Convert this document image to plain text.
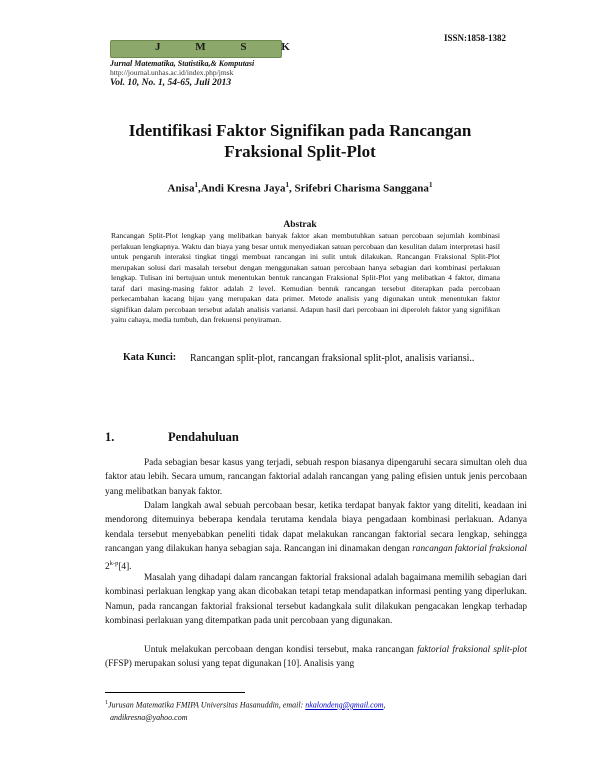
ISSN:1858-1382
J M S K
Jurnal Matematika, Statistika,& Komputasi
http://journal.unhas.ac.id/index.php/jmsk
Vol. 10, No. 1, 54-65, Juli 2013
Identifikasi Faktor Signifikan pada Rancangan
Fraksional Split-Plot
Anisa$^1$,Andi Kresna Jaya$^1$, Srifebri Charisma Sanggana$^1$
Abstrak
Rancangan Split-Plot lengkap yang melibatkan banyak faktor akan membutuhkan satuan percobaan sejumlah kombinasi perlakuan lengkapnya. Waktu dan biaya yang besar untuk menyediakan satuan percobaan dan kesulitan dalam interpretasi hasil untuk pengaruh interaksi tingkat tinggi membuat rancangan ini sulit untuk dilakukan. Rancangan Fraksional Split-Plot merupakan solusi dari masalah tersebut dengan menggunakan satuan percobaan hanya sebagian dari kombinasi perlakuan lengkap. Tulisan ini bertujuan untuk menentukan bentuk rancangan Fraksional Split-Plot yang melibatkan 4 faktor, dimana taraf dari masing-masing faktor adalah 2 level. Kemudian bentuk rancangan tersebut diterapkan pada percobaan perkecambahan kacang hijau yang merupakan data primer. Metode analisis yang digunakan untuk menentukan faktor signifikan dalam percobaan tersebut adalah analisis variansi. Adapun hasil dari percobaan ini diperoleh faktor yang signifikan yaitu cahaya, media tumbuh, dan frekuensi penyiraman.
Kata Kunci: Rancangan split-plot, rancangan fraksional split-plot, analisis variansi..
1.	Pendahuluan

Pada sebagian besar kasus yang terjadi, sebuah respon biasanya dipengaruhi secara simultan oleh dua faktor atau lebih. Secara umum, rancangan faktorial adalah rancangan yang paling efisien untuk jenis percobaan yang melibatkan banyak faktor.

Dalam langkah awal sebuah percobaan besar, ketika terdapat banyak faktor yang diteliti, keadaan ini mendorong ditemuinya beberapa kendala terutama kendala biaya pengadaan kombinasi perlakuan. Adanya kendala tersebut menyebabkan peneliti tidak dapat melakukan rancangan faktorial secara lengkap, sehingga rancangan yang dilakukan hanya sebagian saja. Rancangan ini dinamakan dengan rancangan faktorial fraksional 2$^{k-p}$[4].

Masalah yang dihadapi dalam rancangan faktorial fraksional adalah bagaimana memilih sebagian dari kombinasi perlakuan lengkap yang akan dicobakan tetapi tetap mendapatkan informasi penting yang diperlukan. Namun, pada rancangan faktorial fraksional tersebut kadangkala sulit dilakukan pengacakan lengkap terhadap kombinasi perlakuan yang ditempatkan pada unit percobaan yang digunakan.

Untuk melakukan percobaan dengan kondisi tersebut, maka rancangan faktorial fraksional split-plot (FFSP) merupakan solusi yang tepat digunakan [10]. Analisis yang

$^1$Jurusan Matematika FMIPA Universitas Hasanuddin, email: nkalondeng@gmail.com,
andikresna@yahoo.com
